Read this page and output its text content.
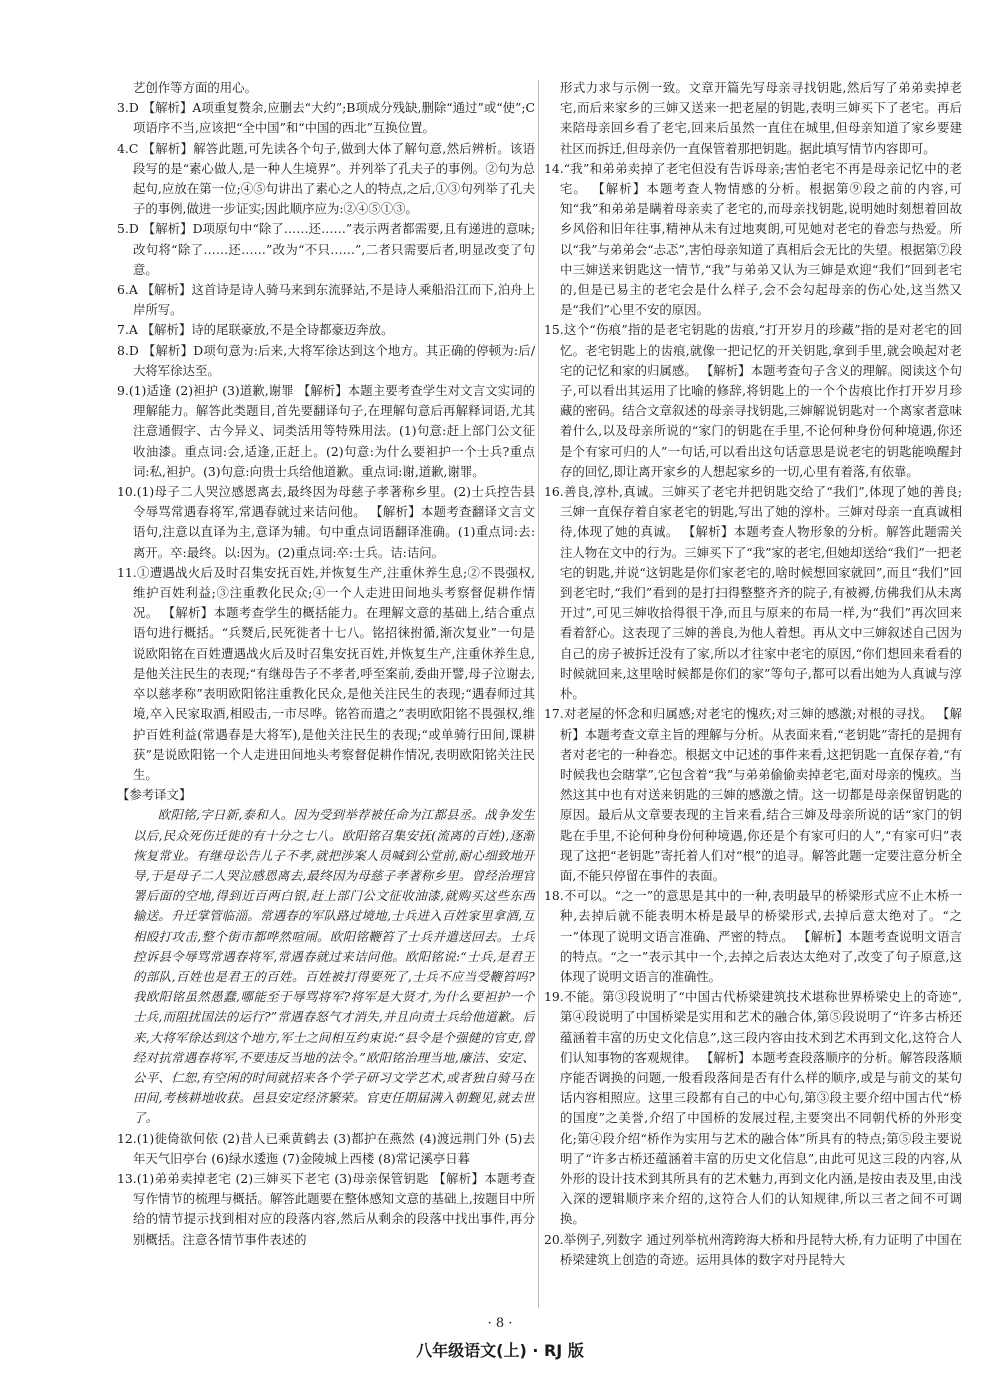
艺创作等方面的用心。

3.D 【解析】A项重复赘余,应删去“大约”;B项成分残缺,删除“通过”或“使”;C项语序不当,应该把“全中国”和“中国的西北”互换位置。

4.C 【解析】解答此题,可先读各个句子,做到大体了解句意,然后辨析。该语段写的是“素心做人,是一种人生境界”。并列举了孔夫子的事例。②句为总起句,应放在第一位;④⑤句讲出了素心之人的特点,之后,①③句列举了孔夫子的事例,做进一步证实;因此顺序应为:②④⑤①③。

5.D 【解析】D项原句中“除了……还……”表示两者都需要,且有递进的意味;改句将“除了……还……”改为“不只……”,二者只需要后者,明显改变了句意。

6.A 【解析】这首诗是诗人骑马来到东流驿站,不是诗人乘船沿江而下,泊舟上岸所写。

7.A 【解析】诗的尾联豪放,不是全诗都豪迈奔放。

8.D 【解析】D项句意为:后来,大将军徐达到这个地方。其正确的停顿为:后/大将军徐达至。

9.(1)适逢 (2)袒护 (3)道歉,谢罪 【解析】本题主要考查学生对文言文实词的理解能力。解答此类题目,首先要翻译句子,在理解句意后再解释词语,尤其注意通假字、古今异义、词类活用等特殊用法。(1)句意:赶上部门公文征收油漆。重点词:会,适逢,正赶上。(2)句意:为什么要袒护一个士兵?重点词:私,袒护。(3)句意:向贵士兵给他道歉。重点词:谢,道歉,谢罪。

10.(1)母子二人哭泣感恩离去,最终因为母慈子孝著称乡里。(2)士兵控告县令辱骂常遇春将军,常遇春就过来诘问他。 【解析】本题考查翻译文言文语句,注意以直译为主,意译为辅。句中重点词语翻译准确。(1)重点词:去:离开。卒:最终。以:因为。(2)重点词:卒:士兵。诘:诘问。

11.①遭遇战火后及时召集安抚百姓,并恢复生产,注重休养生息;②不畏强权,维护百姓利益;③注重教化民众;④一个人走进田间地头考察督促耕作情况。 【解析】本题考查学生的概括能力。在理解文意的基础上,结合重点语句进行概括。“兵燹后,民死徙者十七八。铭招徕拊循,渐次复业”一句是说欧阳铭在百姓遭遇战火后及时召集安抚百姓,并恢复生产,注重休养生息,是他关注民生的表现;“有继母告子不孝者,呼至案前,委曲开譬,母子泣谢去,卒以慈孝称”表明欧阳铭注重教化民众,是他关注民生的表现;“遇春师过其境,卒入民家取酒,相殴击,一市尽哗。铭笞而遣之”表明欧阳铭不畏强权,维护百姓利益(常遇春是大将军),是他关注民生的表现;“或单骑行田间,课耕获”是说欧阳铭一个人走进田间地头考察督促耕作情况,表明欧阳铭关注民生。

【参考译文】

欧阳铭,字日新,泰和人。因为受到举荐被任命为江都县丞。战争发生以后,民众死伤迁徙的有十分之七八。欧阳铭召集安抚(流离的百姓),逐渐恢复常业。有继母讼告儿子不孝,就把涉案人员喊到公堂前,耐心细致地开导,于是母子二人哭泣感恩离去,最终因为母慈子孝著称乡里。曾经治理官署后面的空地,得到近百两白银,赶上部门公文征收油漆,就购买这些东西输送。升迁掌管临淄。常遇春的军队路过境地,士兵进入百姓家里拿酒,互相殴打攻击,整个街市都哗然喧闹。欧阳铭鞭笞了士兵并遣送回去。士兵控诉县令辱骂常遇春将军,常遇春就过来诘问他。欧阳铭说:“士兵,是君王的部队,百姓也是君王的百姓。百姓被打得要死了,士兵不应当受鞭笞吗?我欧阳铭虽然愚蠢,哪能至于辱骂将军?将军是大贤才,为什么要袒护一个士兵,而阻扰国法的运行?”常遇春怒气才消失,并且向责士兵给他道歉。后来,大将军徐达到这个地方,军士之间相互约束说:“县令是个强健的官吏,曾经对抗常遇春将军,不要违反当地的法令。”欧阳铭治理当地,廉洁、安定、公平、仁恕,有空闲的时间就招来各个学子研习文学艺术,或者独自骑马在田间,考核耕地收获。邑县安定经济繁荣。官吏任期届满入朝觐见,就去世了。

12.(1)徙倚欲何依 (2)昔人已乘黄鹤去 (3)都护在燕然 (4)渡远荆门外 (5)去年天气旧亭台 (6)绿水逶迤 (7)金陵城上西楼 (8)常记溪亭日暮

13.(1)弟弟卖掉老宅 (2)三婶买下老宅 (3)母亲保管钥匙 【解析】本题考查写作情节的梳理与概括。解答此题要在整体感知文意的基础上,按题目中所给的情节提示找到相对应的段落内容,然后从剩余的段落中找出事件,再分别概括。注意各情节事件表述的

形式力求与示例一致。文章开篇先写母亲寻找钥匙,然后写了弟弟卖掉老宅,而后来家乡的三婶又送来一把老屋的钥匙,表明三婶买下了老宅。再后来陪母亲回乡看了老宅,回来后虽然一直住在城里,但母亲知道了家乡要建社区而拆迁,但母亲仍一直保管着那把钥匙。据此填写情节内容即可。

14.“我”和弟弟卖掉了老宅但没有告诉母亲;害怕老宅不再是母亲记忆中的老宅。 【解析】本题考查人物情感的分析。根据第⑨段之前的内容,可知“我”和弟弟是瞒着母亲卖了老宅的,而母亲找钥匙,说明她时刻想着回故乡风俗和旧年往事,精神从未有过地爽朗,可见她对老宅的眷恋与热爱。所以“我”与弟弟会“忐忑”,害怕母亲知道了真相后会无比的失望。根据第⑦段中三婶送来钥匙这一情节,“我”与弟弟又认为三婶是欢迎“我们”回到老宅的,但是已易主的老宅会是什么样子,会不会勾起母亲的伤心处,这当然又是“我们”心里不安的原因。

15.这个“伤痕”指的是老宅钥匙的齿痕,“打开岁月的珍藏”指的是对老宅的回忆。老宅钥匙上的齿痕,就像一把记忆的开关钥匙,拿到手里,就会唤起对老宅的记忆和家的归属感。 【解析】本题考查句子含义的理解。阅读这个句子,可以看出其运用了比喻的修辞,将钥匙上的一个个齿痕比作打开岁月珍藏的密码。结合文章叙述的母亲寻找钥匙,三婶解说钥匙对一个离家者意味着什么,以及母亲所说的“家门的钥匙在手里,不论何种身份何种境遇,你还是个有家可归的人”一句话,可以看出这句话意思是说老宅的钥匙能唤醒封存的回忆,即让离开家乡的人想起家乡的一切,心里有着落,有依靠。

16.善良,淳朴,真诚。三婶买了老宅并把钥匙交给了“我们”,体现了她的善良;三婶一直保存着自家老宅的钥匙,写出了她的淳朴。三婶对母亲一直真诚相待,体现了她的真诚。 【解析】本题考查人物形象的分析。解答此题需关注人物在文中的行为。三婶买下了“我”家的老宅,但她却送给“我们”一把老宅的钥匙,并说“这钥匙是你们家老宅的,啥时候想回家就回”,而且“我们”回到老宅时,“我们”看到的是打扫得整整齐齐的院子,有被褥,仿佛我们从未离开过”,可见三婶收拾得很干净,而且与原来的布局一样,为“我们”再次回来看着舒心。这表现了三婶的善良,为他人着想。再从文中三婶叙述自己因为自己的房子被拆迁没有了家,所以才往家中老宅的原因,“你们想回来看看的时候就回来,这里啥时候都是你们的家”等句子,都可以看出她为人真诚与淳朴。

17.对老屋的怀念和归属感;对老宅的愧疚;对三婶的感激;对根的寻找。 【解析】本题考查文章主旨的理解与分析。从表面来看,“老钥匙”寄托的是拥有者对老宅的一种眷恋。根据文中记述的事件来看,这把钥匙一直保存着,“有时候我也会瞎掌”,它包含着“我”与弟弟偷偷卖掉老宅,面对母亲的愧疚。当然这其中也有对送来钥匙的三婶的感激之情。这一切都是母亲保留钥匙的原因。最后从文章要表现的主旨来看,结合三婶及母亲所说的话“家门的钥匙在手里,不论何种身份何种境遇,你还是个有家可归的人”,“有家可归”表现了这把“老钥匙”寄托着人们对“根”的追寻。解答此题一定要注意分析全面,不能只停留在事件的表面。

18.不可以。“之一”的意思是其中的一种,表明最早的桥梁形式应不止木桥一种,去掉后就不能表明木桥是最早的桥梁形式,去掉后意太绝对了。“之一”体现了说明文语言准确、严密的特点。 【解析】本题考查说明文语言的特点。“之一”表示其中一个,去掉之后表达太绝对了,改变了句子原意,这体现了说明文语言的准确性。

19.不能。第③段说明了“中国古代桥梁建筑技术堪称世界桥梁史上的奇迹”,第④段说明了中国桥梁是实用和艺术的融合体,第⑤段说明了“许多古桥还蕴涵着丰富的历史文化信息”,这三段内容由技术到艺术再到文化,这符合人们认知事物的客观规律。 【解析】本题考查段落顺序的分析。解答段落顺序能否调换的问题,一般看段落间是否有什么样的顺序,或是与前文的某句话内容相照应。这里三段都有自己的中心句,第③段主要介绍中国古代“桥的国度”之美誉,介绍了中国桥的发展过程,主要突出不同朝代桥的外形变化;第④段介绍“桥作为实用与艺术的融合体”所具有的特点;第⑤段主要说明了“许多古桥还蕴涵着丰富的历史文化信息”,由此可见这三段的内容,从外形的设计技术到其所具有的艺术魅力,再到文化内涵,是按由表及里,由浅入深的逻辑顺序来介绍的,这符合人们的认知规律,所以三者之间不可调换。

20.举例子,列数字 通过列举杭州湾跨海大桥和丹昆特大桥,有力证明了中国在桥梁建筑上创造的奇迹。运用具体的数字对丹昆特大

· 8 ·
八年级语文(上) · RJ 版
